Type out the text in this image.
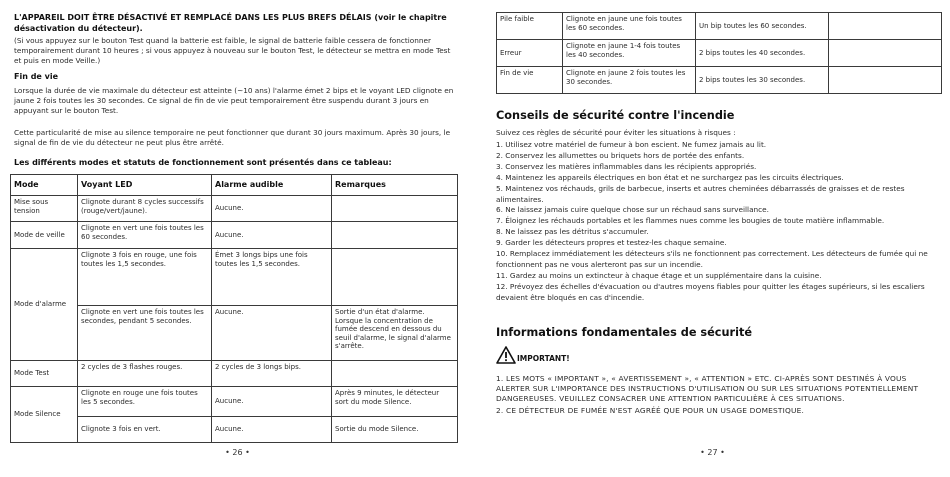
L'APPAREIL DOIT ÊTRE DÉSACTIVÉ ET REMPLACÉ DANS LES PLUS BREFS DÉLAIS (voir le chapitre désactivation du détecteur).
(Si vous appuyez sur le bouton Test quand la batterie est faible, le signal de batterie faible cessera de fonctionner temporairement durant 10 heures ; si vous appuyez à nouveau sur le bouton Test, le détecteur se mettra en mode Test et puis en mode Veille.)
Fin de vie
Lorsque la durée de vie maximale du détecteur est atteinte (~10 ans) l'alarme émet 2 bips et le voyant LED clignote en jaune 2 fois toutes les 30 secondes. Ce signal de fin de vie peut temporairement être suspendu durant 3 jours en appuyant sur le bouton Test.
Cette particularité de mise au silence temporaire ne peut fonctionner que durant 30 jours maximum. Après 30 jours, le signal de fin de vie du détecteur ne peut plus être arrêté.
Les différents modes et statuts de fonctionnement sont présentés dans ce tableau:
Mode	Voyant LED	Alarme audible	Remarques
Mise sous tension	Clignote durant 8 cycles successifs (rouge/vert/jaune).	Aucune.	
Mode de veille	Clignote en vert une fois toutes les 60 secondes.	Aucune.	
Mode d'alarme	Clignote 3 fois en rouge, une fois toutes les 1,5 secondes.	Émet 3 longs bips une fois toutes les 1,5 secondes.	
	Clignote en vert une fois toutes les secondes, pendant 5 secondes.	Aucune.	Sortie d'un état d'alarme. Lorsque la concentration de fumée descend en dessous du seuil d'alarme, le signal d'alarme s'arrête.
Mode Test	2 cycles de 3 flashes rouges.	2 cycles de 3 longs bips.	
Mode Silence	Clignote en rouge une fois toutes les 5 secondes.	Aucune.	Après 9 minutes, le détecteur sort du mode Silence.
	Clignote 3 fois en vert.	Aucune.	Sortie du mode Silence.
• 26 •
Pile faible	Clignote en jaune une fois toutes les 60 secondes.	Un bip toutes les 60 secondes.	
Erreur	Clignote en jaune 1-4 fois toutes les 40 secondes.	2 bips toutes les 40 secondes.	
Fin de vie	Clignote en jaune 2 fois toutes les 30 secondes.	2 bips toutes les 30 secondes.	
Conseils de sécurité contre l'incendie
Suivez ces règles de sécurité pour éviter les situations à risques :
1. Utilisez votre matériel de fumeur à bon escient. Ne fumez jamais au lit.
2. Conservez les allumettes ou briquets hors de portée des enfants.
3. Conservez les matières inflammables dans les récipients appropriés.
4. Maintenez les appareils électriques en bon état et ne surchargez pas les circuits électriques.
5. Maintenez vos réchauds, grils de barbecue, inserts et autres cheminées débarrassés de graisses et de restes alimentaires.
6. Ne laissez jamais cuire quelque chose sur un réchaud sans surveillance.
7. Éloignez les réchauds portables et les flammes nues comme les bougies de toute matière inflammable.
8. Ne laissez pas les détritus s'accumuler.
9. Garder les détecteurs propres et testez-les chaque semaine.
10. Remplacez immédiatement les détecteurs s'ils ne fonctionnent pas correctement. Les détecteurs de fumée qui ne fonctionnent pas ne vous alerteront pas sur un incendie.
11. Gardez au moins un extincteur à chaque étage et un supplémentaire dans la cuisine.
12. Prévoyez des échelles d'évacuation ou d'autres moyens fiables pour quitter les étages supérieurs, si les escaliers devaient être bloqués en cas d'incendie.
Informations fondamentales de sécurité
IMPORTANT!
1. LES MOTS « IMPORTANT », « AVERTISSEMENT », « ATTENTION » ETC. CI-APRÈS SONT DESTINÉS À VOUS ALERTER SUR L'IMPORTANCE DES INSTRUCTIONS D'UTILISATION OU SUR LES SITUATIONS POTENTIELLEMENT DANGEREUSES. VEUILLEZ CONSACRER UNE ATTENTION PARTICULIÈRE À CES SITUATIONS.
2. CE DÉTECTEUR DE FUMÉE N'EST AGRÉÉ QUE POUR UN USAGE DOMESTIQUE.
• 27 •
